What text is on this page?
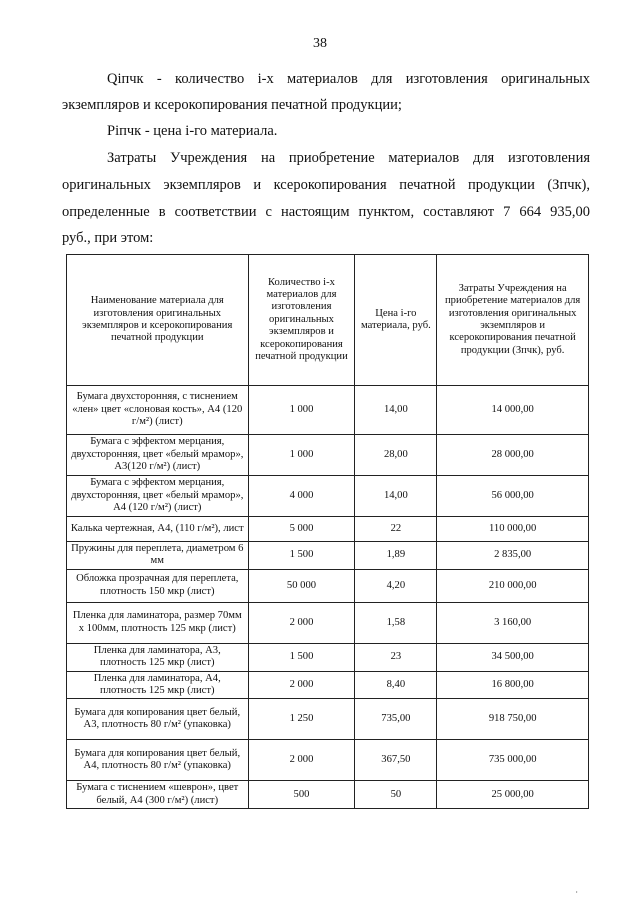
38
Qiпчк - количество i-х материалов для изготовления оригинальных
экземпляров и ксерокопирования печатной продукции;
Piпчк - цена i-го материала.
Затраты Учреждения на приобретение материалов для изготовления
оригинальных экземпляров и ксерокопирования печатной продукции (Зпчк),
определенные в соответствии с настоящим пунктом, составляют 7 664 935,00
руб., при этом:
Наименование материала для изготовления оригинальных экземпляров и ксерокопирования печатной продукции	Количество i-х материалов для изготовления оригинальных экземпляров и ксерокопирования печатной продукции	Цена i-го материала, руб.	Затраты Учреждения на приобретение материалов для изготовления оригинальных экземпляров и ксерокопирования печатной продукции (Зпчк), руб.
Бумага двухсторонняя, с тиснением «лен» цвет «слоновая кость», А4 (120 г/м²) (лист)	1 000	14,00	14 000,00
Бумага с эффектом мерцания, двухсторонняя, цвет «белый мрамор», А3(120 г/м²) (лист)	1 000	28,00	28 000,00
Бумага с эффектом мерцания, двухсторонняя, цвет «белый мрамор», А4 (120 г/м²) (лист)	4 000	14,00	56 000,00
Калька чертежная, А4, (110 г/м²), лист	5 000	22	110 000,00
Пружины для переплета, диаметром 6 мм	1 500	1,89	2 835,00
Обложка прозрачная для переплета, плотность 150 мкр (лист)	50 000	4,20	210 000,00
Пленка для ламинатора, размер 70мм х 100мм, плотность 125 мкр (лист)	2 000	1,58	3 160,00
Пленка для ламинатора, А3, плотность 125 мкр (лист)	1 500	23	34 500,00
Пленка для ламинатора, А4, плотность 125 мкр (лист)	2 000	8,40	16 800,00
Бумага для копирования цвет белый, А3, плотность 80 г/м² (упаковка)	1 250	735,00	918 750,00
Бумага для копирования цвет белый, А4, плотность 80 г/м² (упаковка)	2 000	367,50	735 000,00
Бумага с тиснением «шеврон», цвет белый, А4 (300 г/м²) (лист)	500	50	25 000,00
·
